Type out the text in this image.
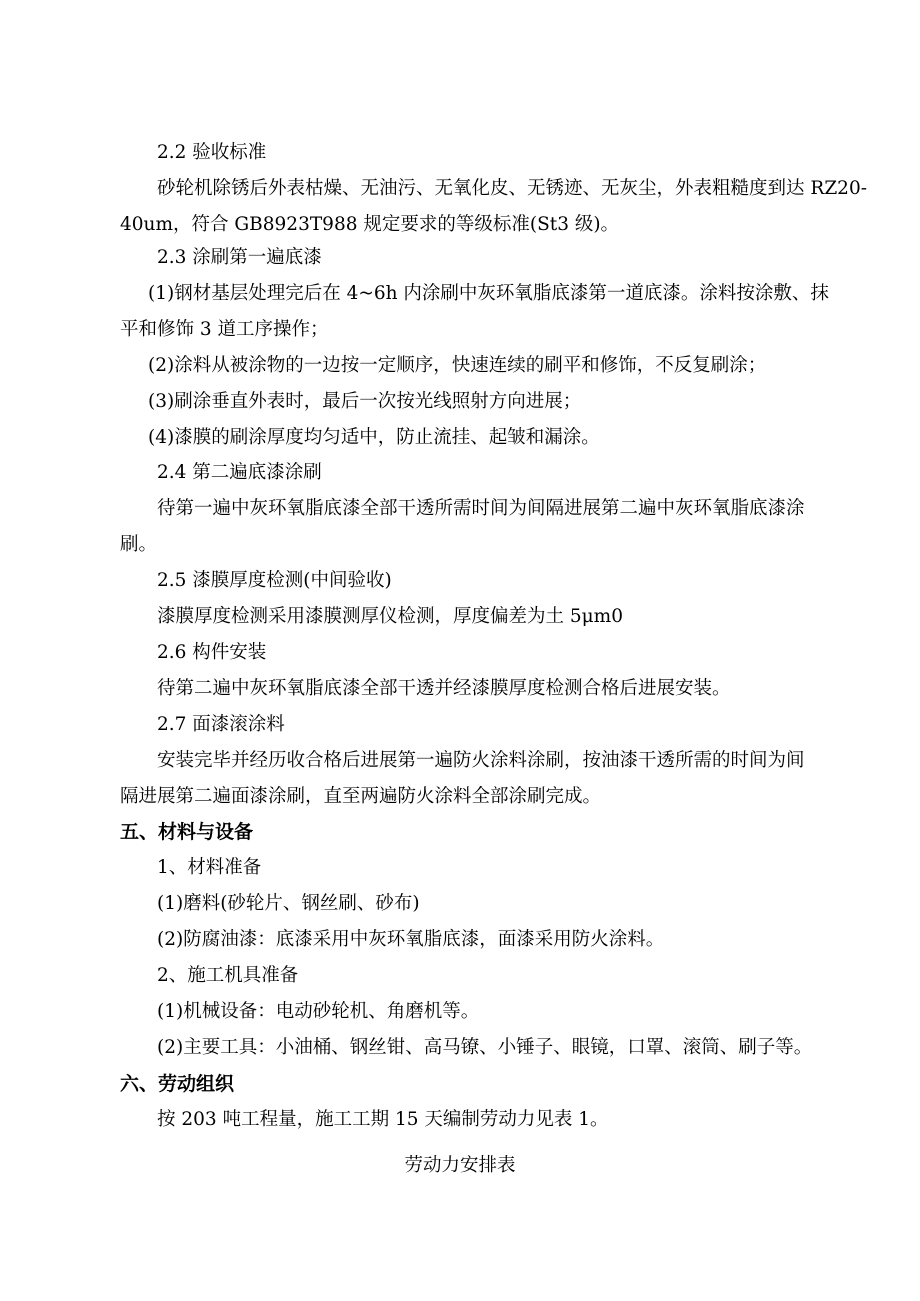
2.2 验收标准

砂轮机除锈后外表枯燥、无油污、无氧化皮、无锈迹、无灰尘，外表粗糙度到达 RZ20-

40um，符合 GB8923T988 规定要求的等级标准(St3 级)。

2.3 涂刷第一遍底漆

(1)钢材基层处理完后在 4~6h 内涂刷中灰环氧脂底漆第一道底漆。涂料按涂敷、抹

平和修饰 3 道工序操作；

(2)涂料从被涂物的一边按一定顺序，快速连续的刷平和修饰，不反复刷涂；

(3)刷涂垂直外表时，最后一次按光线照射方向进展；

(4)漆膜的刷涂厚度均匀适中，防止流挂、起皱和漏涂。

2.4 第二遍底漆涂刷

待第一遍中灰环氧脂底漆全部干透所需时间为间隔进展第二遍中灰环氧脂底漆涂

刷。

2.5 漆膜厚度检测(中间验收)

漆膜厚度检测采用漆膜测厚仪检测，厚度偏差为土 5μm0

2.6 构件安装

待第二遍中灰环氧脂底漆全部干透并经漆膜厚度检测合格后进展安装。

2.7 面漆滚涂料

安装完毕并经历收合格后进展第一遍防火涂料涂刷，按油漆干透所需的时间为间

隔进展第二遍面漆涂刷，直至两遍防火涂料全部涂刷完成。

五、材料与设备

1、材料准备

(1)磨料(砂轮片、钢丝刷、砂布)

(2)防腐油漆：底漆采用中灰环氧脂底漆，面漆采用防火涂料。

2、施工机具准备

(1)机械设备：电动砂轮机、角磨机等。

(2)主要工具：小油桶、钢丝钳、高马镣、小锤子、眼镜，口罩、滚筒、刷子等。

六、劳动组织

按 203 吨工程量，施工工期 15 天编制劳动力见表 1。

劳动力安排表
